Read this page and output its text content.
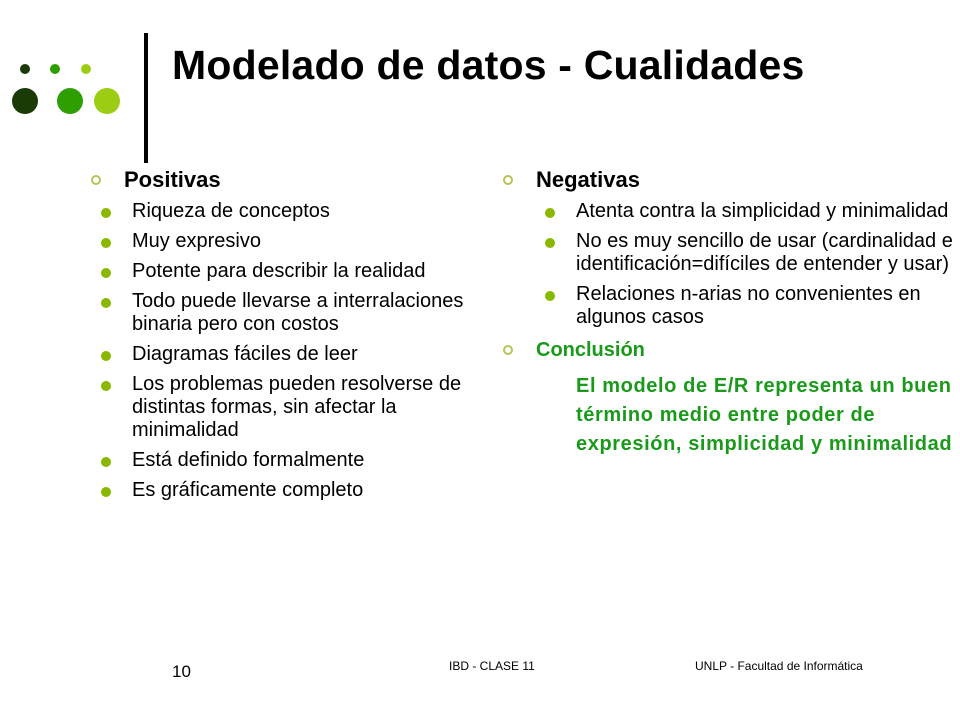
Modelado de datos - Cualidades
Positivas
Riqueza de conceptos
Muy expresivo
Potente para describir la realidad
Todo puede llevarse a interralaciones binaria pero con costos
Diagramas fáciles de leer
Los problemas pueden resolverse de distintas formas, sin afectar la minimalidad
Está definido formalmente
Es gráficamente completo
Negativas
Atenta contra la simplicidad y minimalidad
No es muy sencillo de usar (cardinalidad e identificación=difíciles de entender y usar)
Relaciones n-arias no convenientes en algunos casos
Conclusión
El modelo de E/R representa un buen término medio entre poder de expresión, simplicidad y minimalidad
10	IBD - CLASE 11	UNLP - Facultad de Informática
